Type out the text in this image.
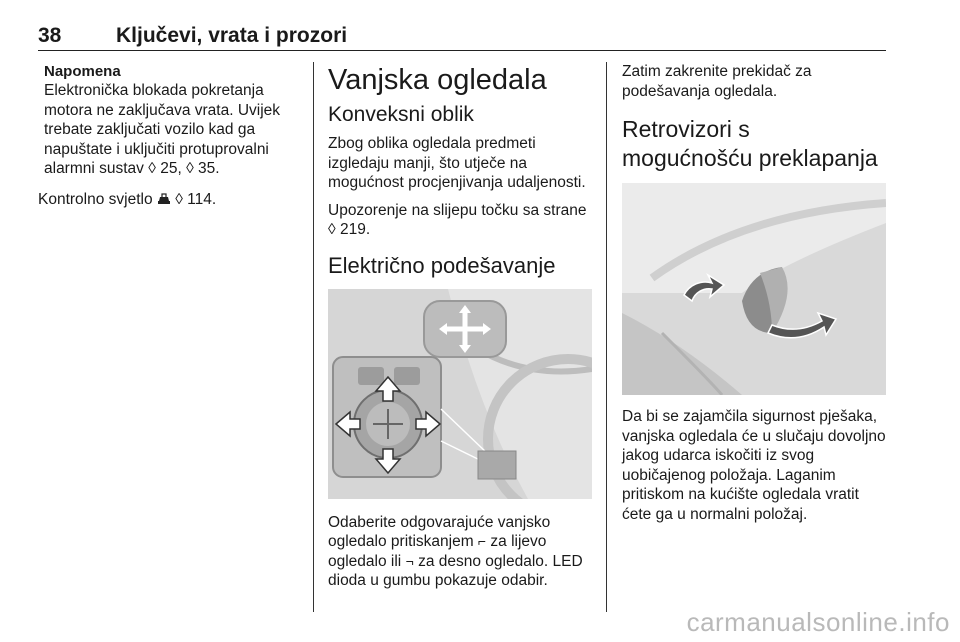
38	Ključevi, vrata i prozori
Napomena
Elektronička blokada pokretanja motora ne zaključava vrata. Uvijek trebate zaključati vozilo kad ga napuštate i uključiti protuprovalni alarmni sustav ◊ 25, ◊ 35.
Kontrolno svjetlo ◊ 114.
Vanjska ogledala
Konveksni oblik
Zbog oblika ogledala predmeti izgledaju manji, što utječe na mogućnost procjenjivanja udaljenosti.
Upozorenje na slijepu točku sa strane ◊ 219.
Električno podešavanje
Odaberite odgovarajuće vanjsko ogledalo pritiskanjem ⌐ za lijevo ogledalo ili ¬ za desno ogledalo. LED dioda u gumbu pokazuje odabir.
Zatim zakrenite prekidač za podešavanja ogledala.
Retrovizori s mogućnošću preklapanja
Da bi se zajamčila sigurnost pješaka, vanjska ogledala će u slučaju dovoljno jakog udarca iskočiti iz svog uobičajenog položaja. Laganim pritiskom na kućište ogledala vratit ćete ga u normalni položaj.
carmanualsonline.info
